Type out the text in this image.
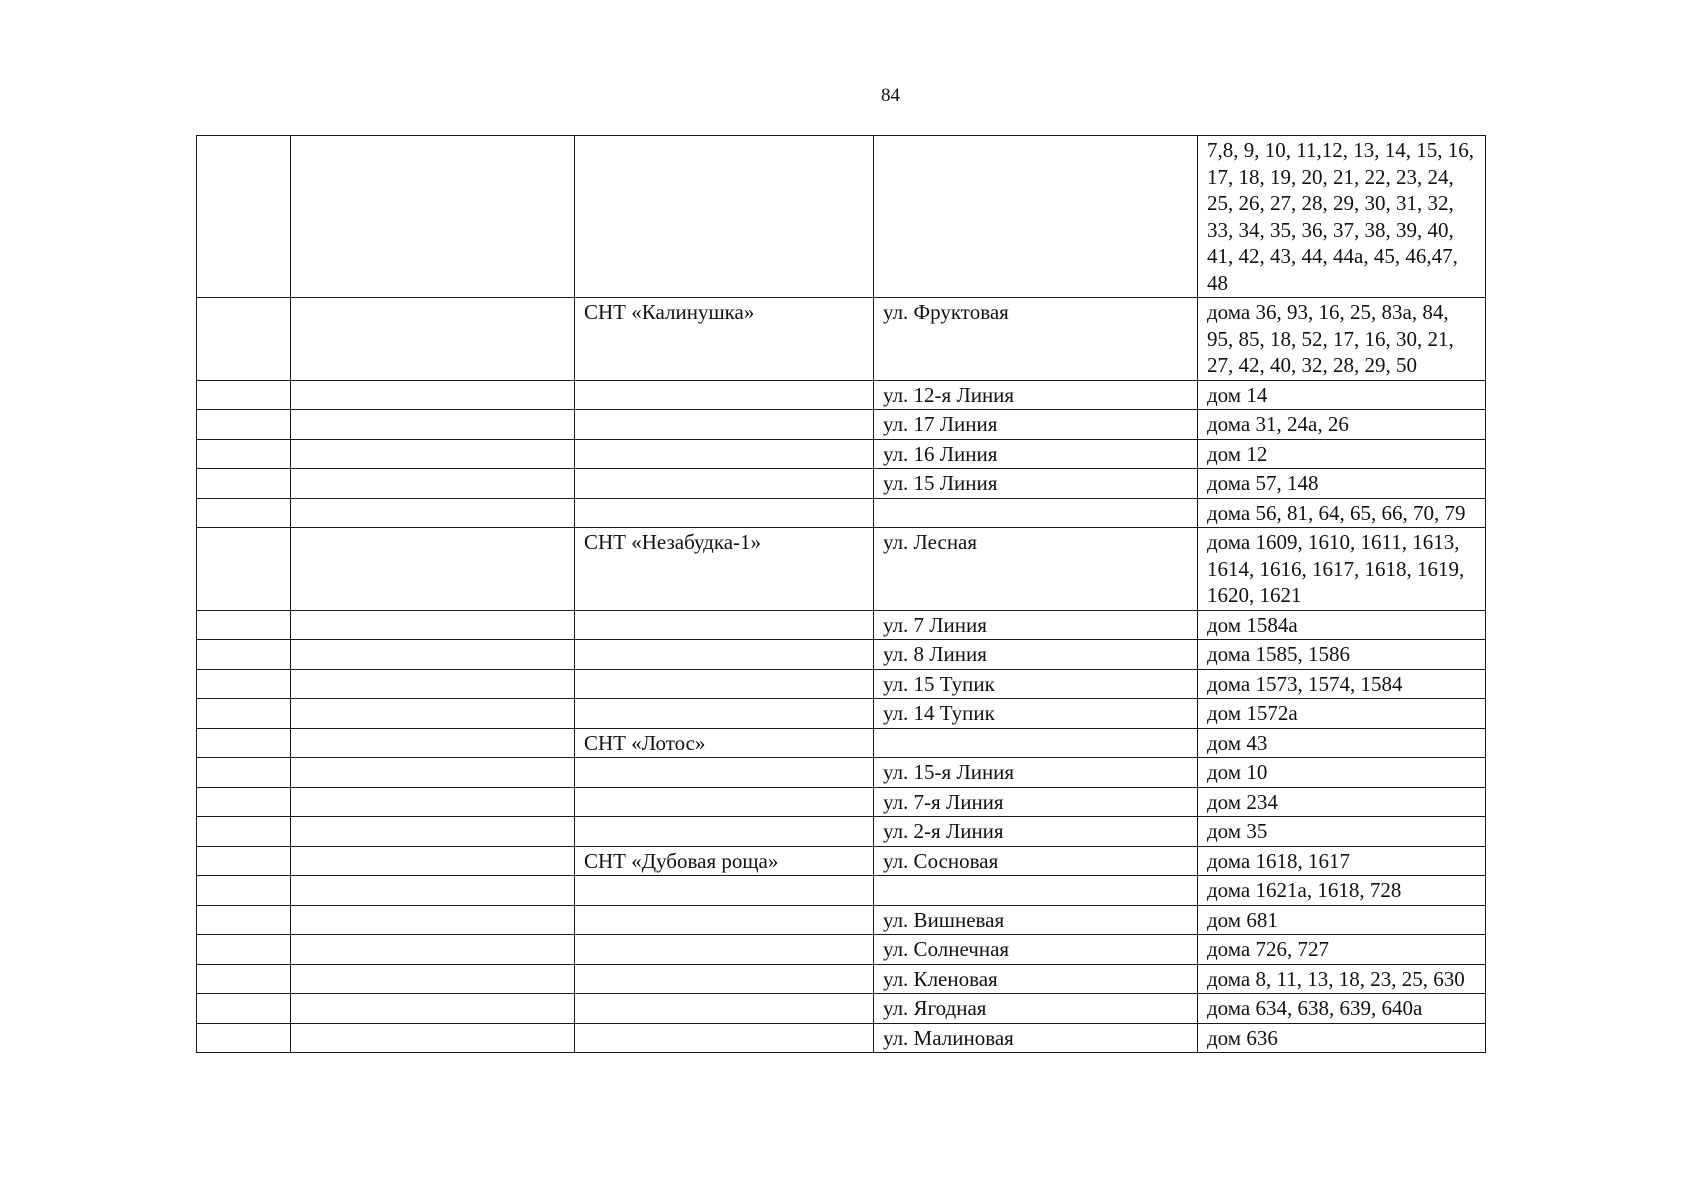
84
				7,8, 9, 10, 11,12, 13, 14, 15, 16, 17, 18, 19, 20, 21, 22, 23, 24, 25, 26, 27, 28, 29, 30, 31, 32, 33, 34, 35, 36, 37, 38, 39, 40, 41, 42, 43, 44, 44а, 45, 46,47, 48
		СНТ «Калинушка»	ул. Фруктовая	дома 36, 93, 16, 25, 83а, 84, 95, 85, 18, 52, 17, 16, 30, 21, 27, 42, 40, 32, 28, 29, 50
			ул. 12-я Линия	дом 14
			ул. 17 Линия	дома 31, 24а, 26
			ул. 16 Линия	дом 12
			ул. 15 Линия	дома 57, 148
				дома 56, 81, 64, 65, 66, 70, 79
		СНТ «Незабудка-1»	ул. Лесная	дома 1609, 1610, 1611, 1613, 1614, 1616, 1617, 1618, 1619, 1620, 1621
			ул. 7 Линия	дом 1584а
			ул. 8 Линия	дома 1585, 1586
			ул. 15 Тупик	дома 1573, 1574, 1584
			ул. 14 Тупик	дом 1572а
		СНТ «Лотос»		дом 43
			ул. 15-я Линия	дом 10
			ул. 7-я Линия	дом 234
			ул. 2-я Линия	дом 35
		СНТ «Дубовая роща»	ул. Сосновая	дома 1618, 1617
				дома 1621а, 1618, 728
			ул. Вишневая	дом 681
			ул. Солнечная	дома 726, 727
			ул. Кленовая	дома 8, 11, 13, 18, 23, 25, 630
			ул. Ягодная	дома 634, 638, 639, 640а
			ул. Малиновая	дом 636
